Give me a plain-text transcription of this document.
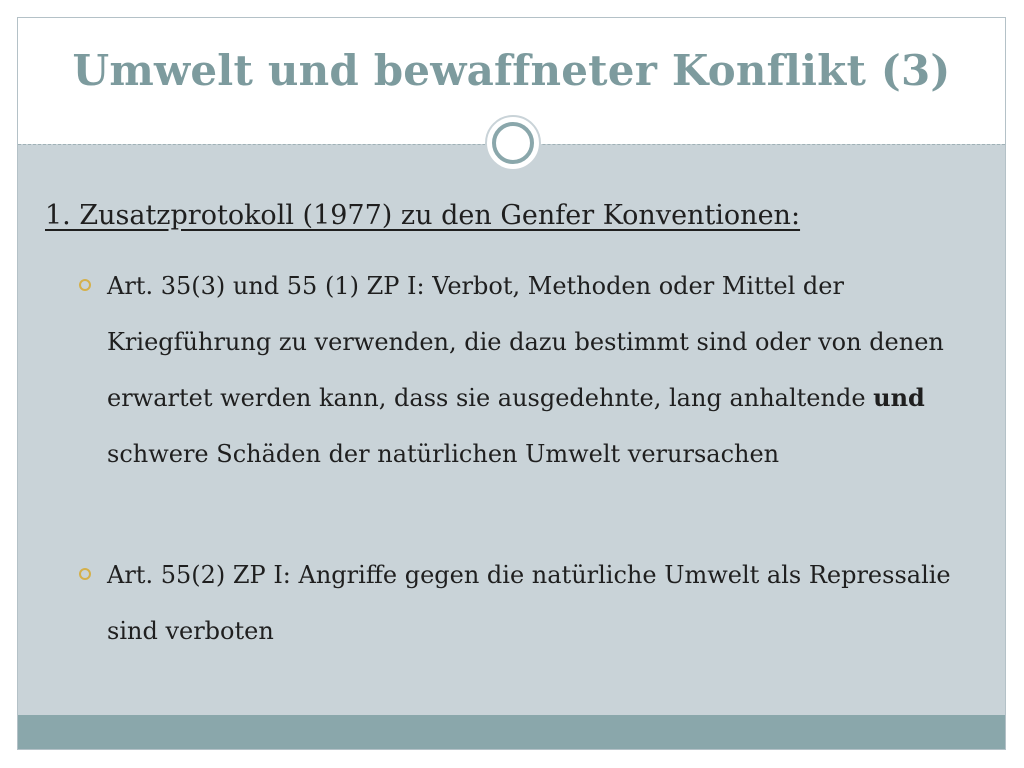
Umwelt und bewaffneter Konflikt (3)
1. Zusatzprotokoll (1977) zu den Genfer Konventionen:
Art. 35(3) und 55 (1) ZP I: Verbot, Methoden oder Mittel der Kriegführung zu verwenden, die dazu bestimmt sind oder von denen erwartet werden kann, dass sie ausgedehnte, lang anhaltende und schwere Schäden der natürlichen Umwelt verursachen
Art. 55(2) ZP I: Angriffe gegen die natürliche Umwelt als Repressalie sind verboten
